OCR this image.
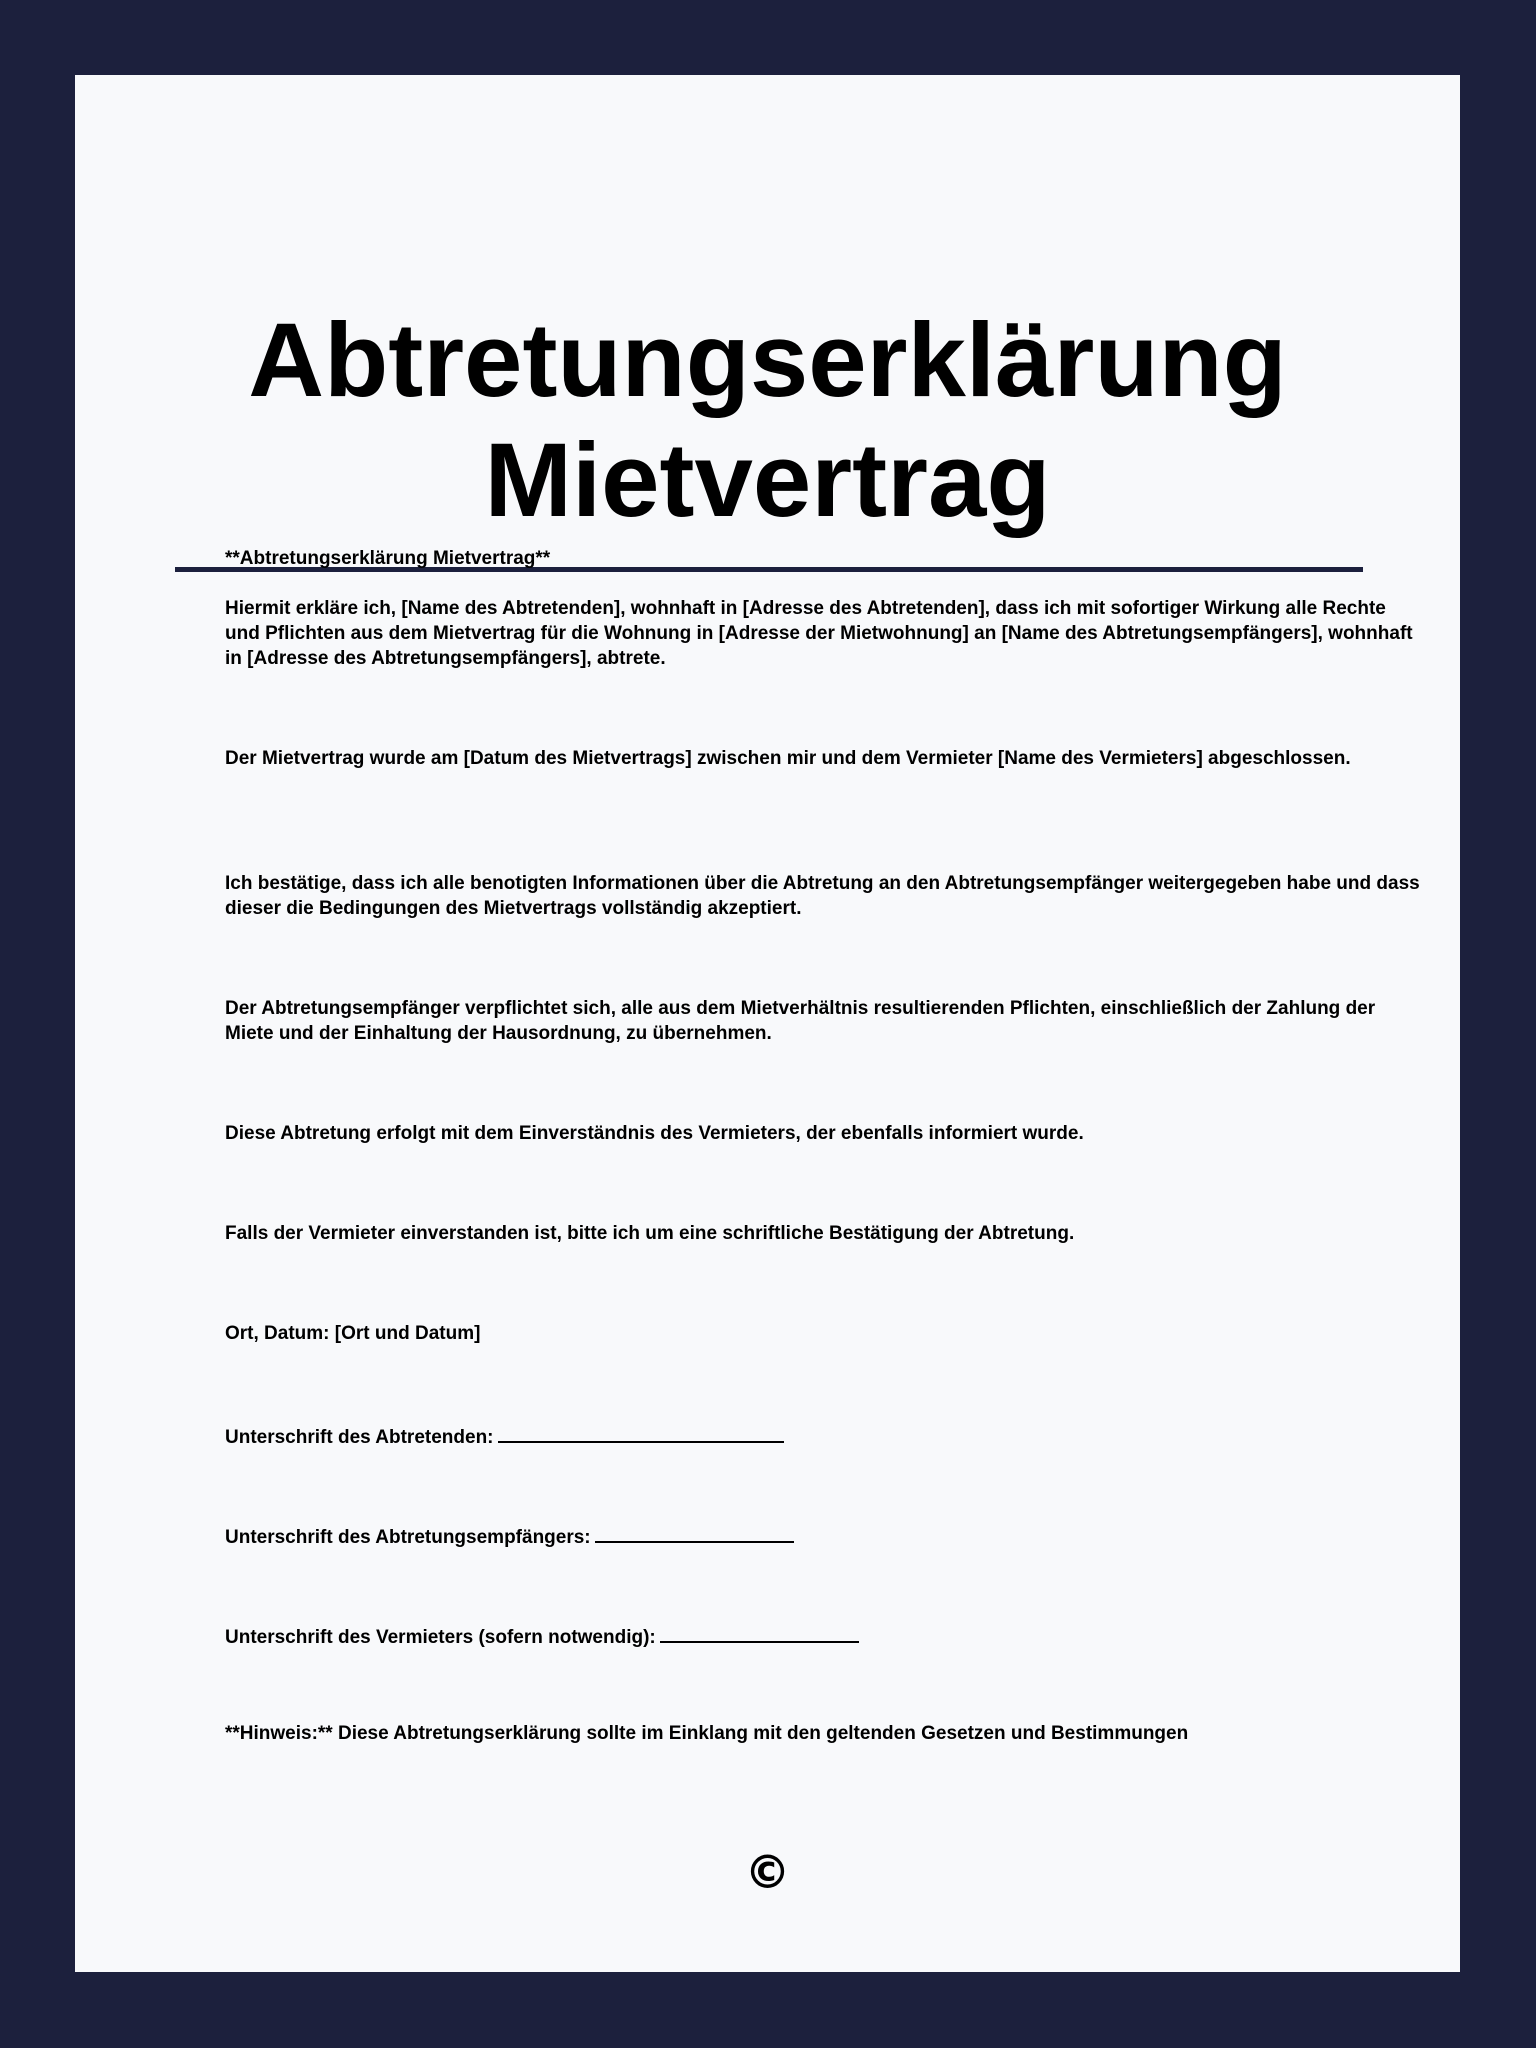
Abtretungserklärung
Mietvertrag

**Abtretungserklärung Mietvertrag**

Hiermit erkläre ich, [Name des Abtretenden], wohnhaft in [Adresse des Abtretenden], dass ich mit sofortiger Wirkung alle Rechte und Pflichten aus dem Mietvertrag für die Wohnung in [Adresse der Mietwohnung] an [Name des Abtretungsempfängers], wohnhaft in [Adresse des Abtretungsempfängers], abtrete.

Der Mietvertrag wurde am [Datum des Mietvertrags] zwischen mir und dem Vermieter [Name des Vermieters] abgeschlossen.

Ich bestätige, dass ich alle benotigten Informationen über die Abtretung an den Abtretungsempfänger weitergegeben habe und dass dieser die Bedingungen des Mietvertrags vollständig akzeptiert.

Der Abtretungsempfänger verpflichtet sich, alle aus dem Mietverhältnis resultierenden Pflichten, einschließlich der Zahlung der Miete und der Einhaltung der Hausordnung, zu übernehmen.

Diese Abtretung erfolgt mit dem Einverständnis des Vermieters, der ebenfalls informiert wurde.

Falls der Vermieter einverstanden ist, bitte ich um eine schriftliche Bestätigung der Abtretung.

Ort, Datum: [Ort und Datum]

Unterschrift des Abtretenden:

Unterschrift des Abtretungsempfängers:

Unterschrift des Vermieters (sofern notwendig):

**Hinweis:** Diese Abtretungserklärung sollte im Einklang mit den geltenden Gesetzen und Bestimmungen

©
